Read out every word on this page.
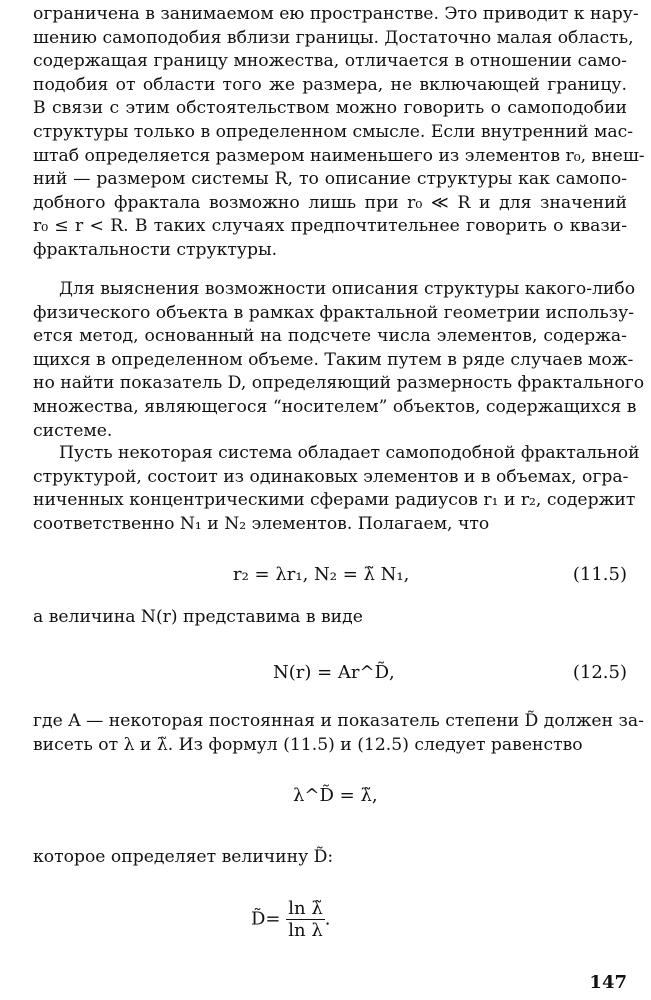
ограничена в занимаемом ею пространстве. Это приводит к нару-
шению самоподобия вблизи границы. Достаточно малая область,
содержащая границу множества, отличается в отношении само-
подобия от области того же размера, не включающей границу.
В связи с этим обстоятельством можно говорить о самоподобии
структуры только в определенном смысле. Если внутренний мас-
штаб определяется размером наименьшего из элементов r₀, внеш-
ний — размером системы R, то описание структуры как самопо-
добного фрактала возможно лишь при r₀ ≪ R и для значений
r₀ ≤ r < R. В таких случаях предпочтительнее говорить о квази-
фрактальности структуры.
Для выяснения возможности описания структуры какого-либо
физического объекта в рамках фрактальной геометрии использу-
ется метод, основанный на подсчете числа элементов, содержа-
щихся в определенном объеме. Таким путем в ряде случаев мож-
но найти показатель D, определяющий размерность фрактального
множества, являющегося “носителем” объектов, содержащихся в
системе.
Пусть некоторая система обладает самоподобной фрактальной
структурой, состоит из одинаковых элементов и в объемах, огра-
ниченных концентрическими сферами радиусов r₁ и r₂, содержит
соответственно N₁ и N₂ элементов. Полагаем, что
r₂ = λr₁, N₂ = λ̃ N₁,	(11.5)
а величина N(r) представима в виде
N(r) = Ar^D̃,	(12.5)
где A — некоторая постоянная и показатель степени D̃ должен за-
висеть от λ и λ̃. Из формул (11.5) и (12.5) следует равенство
λ^D̃ = λ̃,
которое определяет величину D̃:
D̃= $\frac{\text{ln λ̃}}{\text{ln λ}}$ .
147
